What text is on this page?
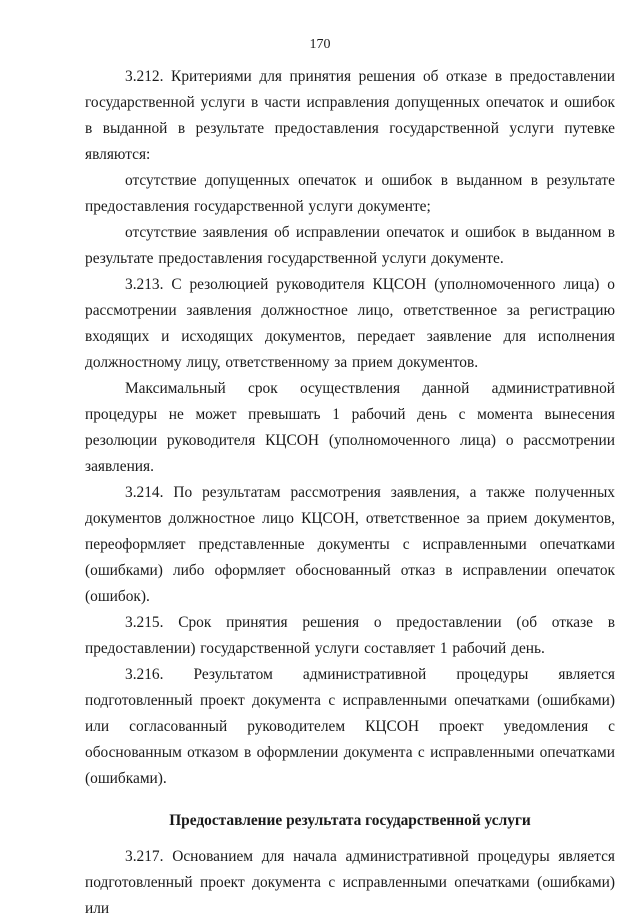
170

3.212. Критериями для принятия решения об отказе в предоставлении государственной услуги в части исправления допущенных опечаток и ошибок в выданной в результате предоставления государственной услуги путевке являются:

отсутствие допущенных опечаток и ошибок в выданном в результате предоставления государственной услуги документе;

отсутствие заявления об исправлении опечаток и ошибок в выданном в результате предоставления государственной услуги документе.

3.213. С резолюцией руководителя КЦСОН (уполномоченного лица) о рассмотрении заявления должностное лицо, ответственное за регистрацию входящих и исходящих документов, передает заявление для исполнения должностному лицу, ответственному за прием документов.

Максимальный срок осуществления данной административной процедуры не может превышать 1 рабочий день с момента вынесения резолюции руководителя КЦСОН (уполномоченного лица) о рассмотрении заявления.

3.214. По результатам рассмотрения заявления, а также полученных документов должностное лицо КЦСОН, ответственное за прием документов, переоформляет представленные документы с исправленными опечатками (ошибками) либо оформляет обоснованный отказ в исправлении опечаток (ошибок).

3.215. Срок принятия решения о предоставлении (об отказе в предоставлении) государственной услуги составляет 1 рабочий день.

3.216. Результатом административной процедуры является подготовленный проект документа с исправленными опечатками (ошибками) или согласованный руководителем КЦСОН проект уведомления с обоснованным отказом в оформлении документа с исправленными опечатками (ошибками).

Предоставление результата государственной услуги

3.217. Основанием для начала административной процедуры является подготовленный проект документа с исправленными опечатками (ошибками) или
